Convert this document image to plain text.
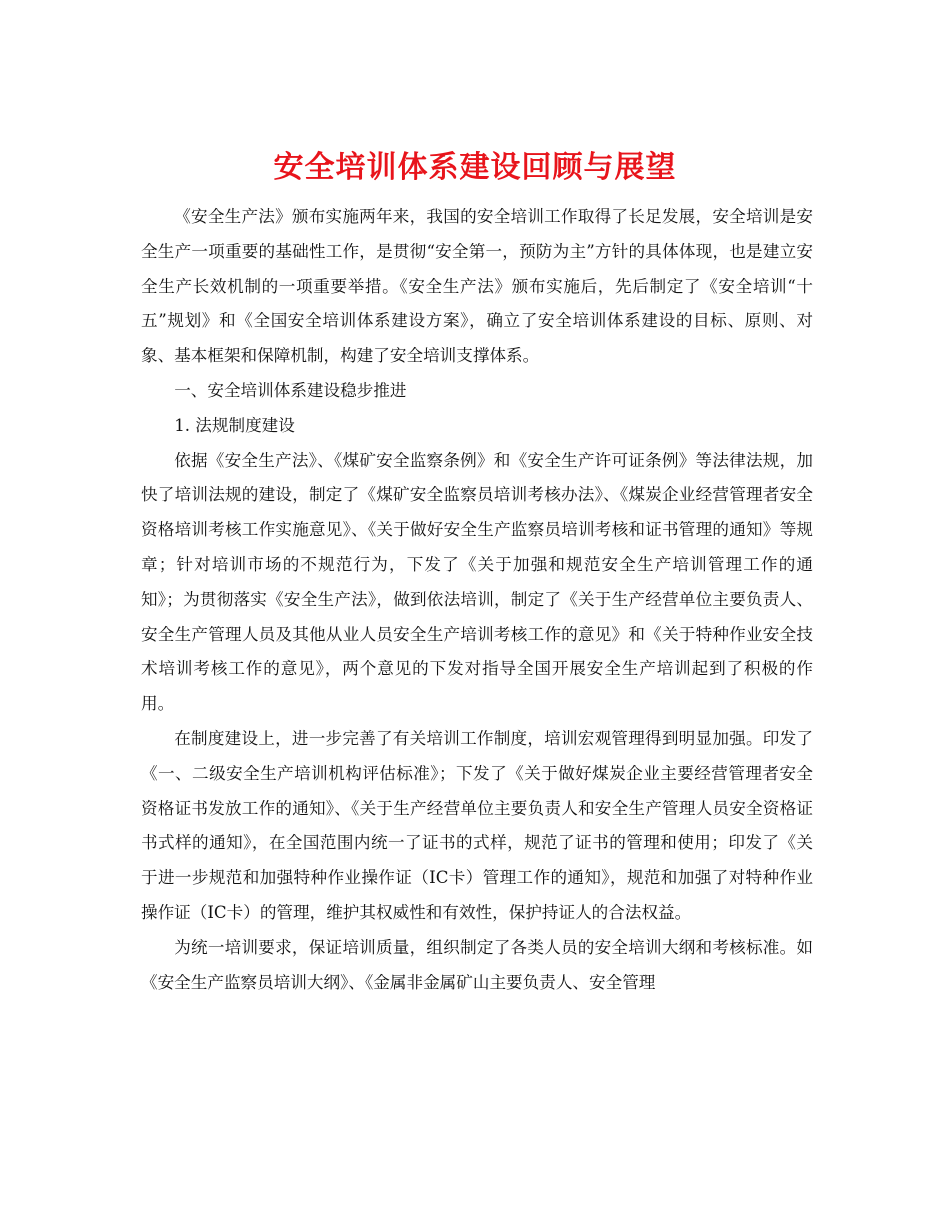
安全培训体系建设回顾与展望

《安全生产法》颁布实施两年来，我国的安全培训工作取得了长足发展，安全培训是安全生产一项重要的基础性工作，是贯彻“安全第一，预防为主”方针的具体体现，也是建立安全生产长效机制的一项重要举措。《安全生产法》颁布实施后，先后制定了《安全培训“十五”规划》和《全国安全培训体系建设方案》，确立了安全培训体系建设的目标、原则、对象、基本框架和保障机制，构建了安全培训支撑体系。

一、安全培训体系建设稳步推进

1. 法规制度建设

依据《安全生产法》、《煤矿安全监察条例》和《安全生产许可证条例》等法律法规，加快了培训法规的建设，制定了《煤矿安全监察员培训考核办法》、《煤炭企业经营管理者安全资格培训考核工作实施意见》、《关于做好安全生产监察员培训考核和证书管理的通知》等规章；针对培训市场的不规范行为，下发了《关于加强和规范安全生产培训管理工作的通知》；为贯彻落实《安全生产法》，做到依法培训，制定了《关于生产经营单位主要负责人、安全生产管理人员及其他从业人员安全生产培训考核工作的意见》和《关于特种作业安全技术培训考核工作的意见》，两个意见的下发对指导全国开展安全生产培训起到了积极的作用。

在制度建设上，进一步完善了有关培训工作制度，培训宏观管理得到明显加强。印发了《一、二级安全生产培训机构评估标准》；下发了《关于做好煤炭企业主要经营管理者安全资格证书发放工作的通知》、《关于生产经营单位主要负责人和安全生产管理人员安全资格证书式样的通知》，在全国范围内统一了证书的式样，规范了证书的管理和使用；印发了《关于进一步规范和加强特种作业操作证（IC卡）管理工作的通知》，规范和加强了对特种作业操作证（IC卡）的管理，维护其权威性和有效性，保护持证人的合法权益。

为统一培训要求，保证培训质量，组织制定了各类人员的安全培训大纲和考核标准。如《安全生产监察员培训大纲》、《金属非金属矿山主要负责人、安全管理
